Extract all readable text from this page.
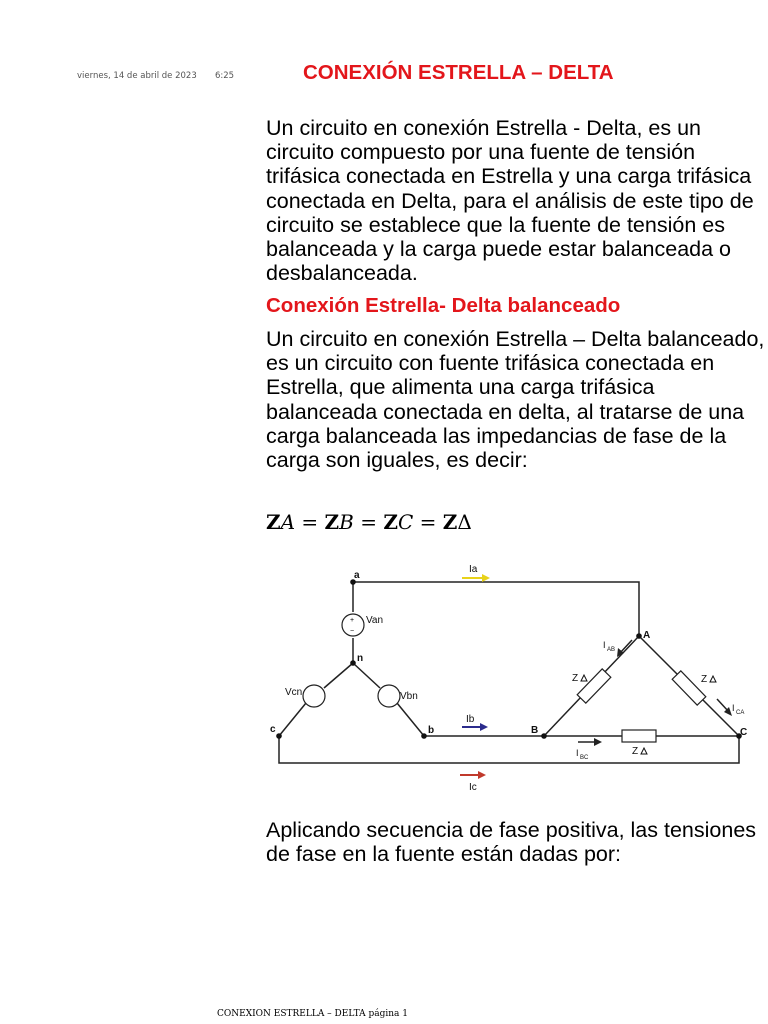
viernes, 14 de abril de 2023 6:25	CONEXIÓN ESTRELLA – DELTA

Un circuito en conexión Estrella - Delta, es un circuito compuesto por una fuente de tensión trifásica conectada en Estrella y una carga trifásica conectada en Delta, para el análisis de este tipo de circuito se establece que la fuente de tensión es balanceada y la carga puede estar balanceada o desbalanceada.

Conexión Estrella- Delta balanceado

Un circuito en conexión Estrella – Delta balanceado, es un circuito con fuente trifásica conectada en Estrella, que alimenta una carga trifásica balanceada conectada en delta, al tratarse de una carga balanceada las impedancias de fase de la carga son iguales, es decir:

ZA = ZB = ZC = ZΔ
+
−
a
n
c	b
A
B	C
Van
Vcn	Vbn
Ia
Ib
Ic
Z	Z
Z
I AB
I BC
I CA

Aplicando secuencia de fase positiva, las tensiones de fase en la fuente están dadas por:

CONEXION ESTRELLA – DELTA página 1
